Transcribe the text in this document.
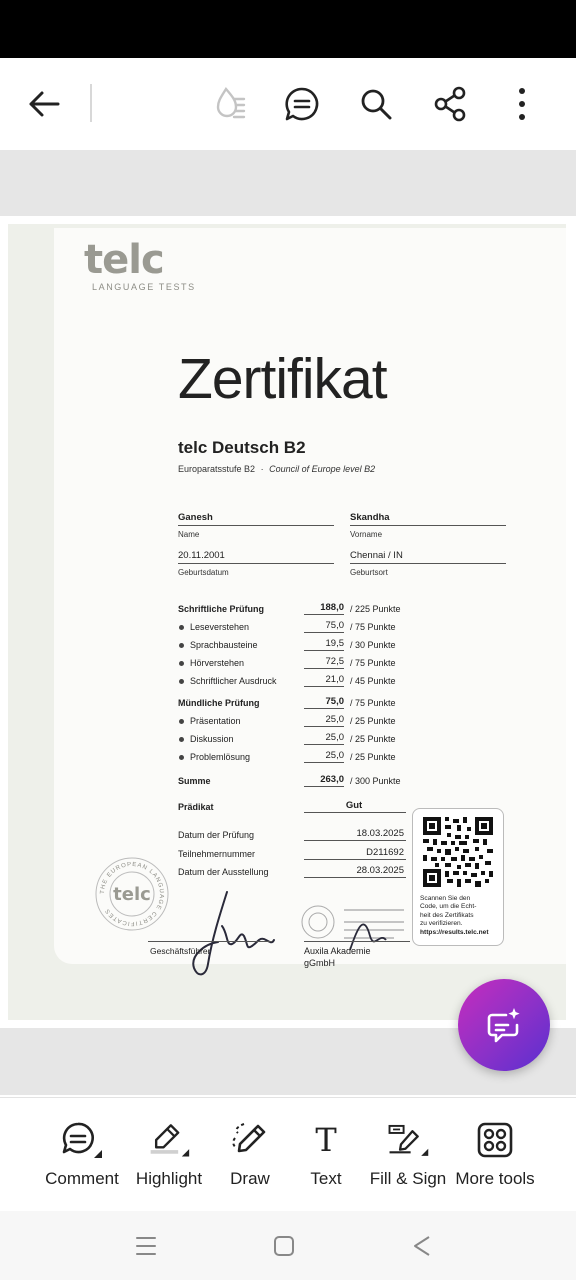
telc
LANGUAGE TESTS
Zertifikat
telc Deutsch B2
Europaratsstufe B2 · Council of Europe level B2
Ganesh
Name
Skandha
Vorname
20.11.2001
Geburtsdatum
Chennai / IN
Geburtsort
Schriftliche Prüfung	188,0 / 225 Punkte
Leseverstehen	75,0 / 75 Punkte
Sprachbausteine	19,5 / 30 Punkte
Hörverstehen	72,5 / 75 Punkte
Schriftlicher Ausdruck	21,0 / 45 Punkte
Mündliche Prüfung	75,0 / 75 Punkte
Präsentation	25,0 / 25 Punkte
Diskussion	25,0 / 25 Punkte
Problemlösung	25,0 / 25 Punkte
Summe	263,0 / 300 Punkte
Prädikat	Gut
Datum der Prüfung	18.03.2025
Teilnehmernummer	D211692
Datum der Ausstellung	28.03.2025
Scannen Sie den
Code, um die Echt-
heit des Zertifikats
zu verifizieren.
https://results.telc.net
THE EUROPEAN LANGUAGE CERTIFICATES
telc
Geschäftsführer	Auxila Akademie
gGmbH
Comment Highlight Draw
T
Text Fill & Sign More tools
